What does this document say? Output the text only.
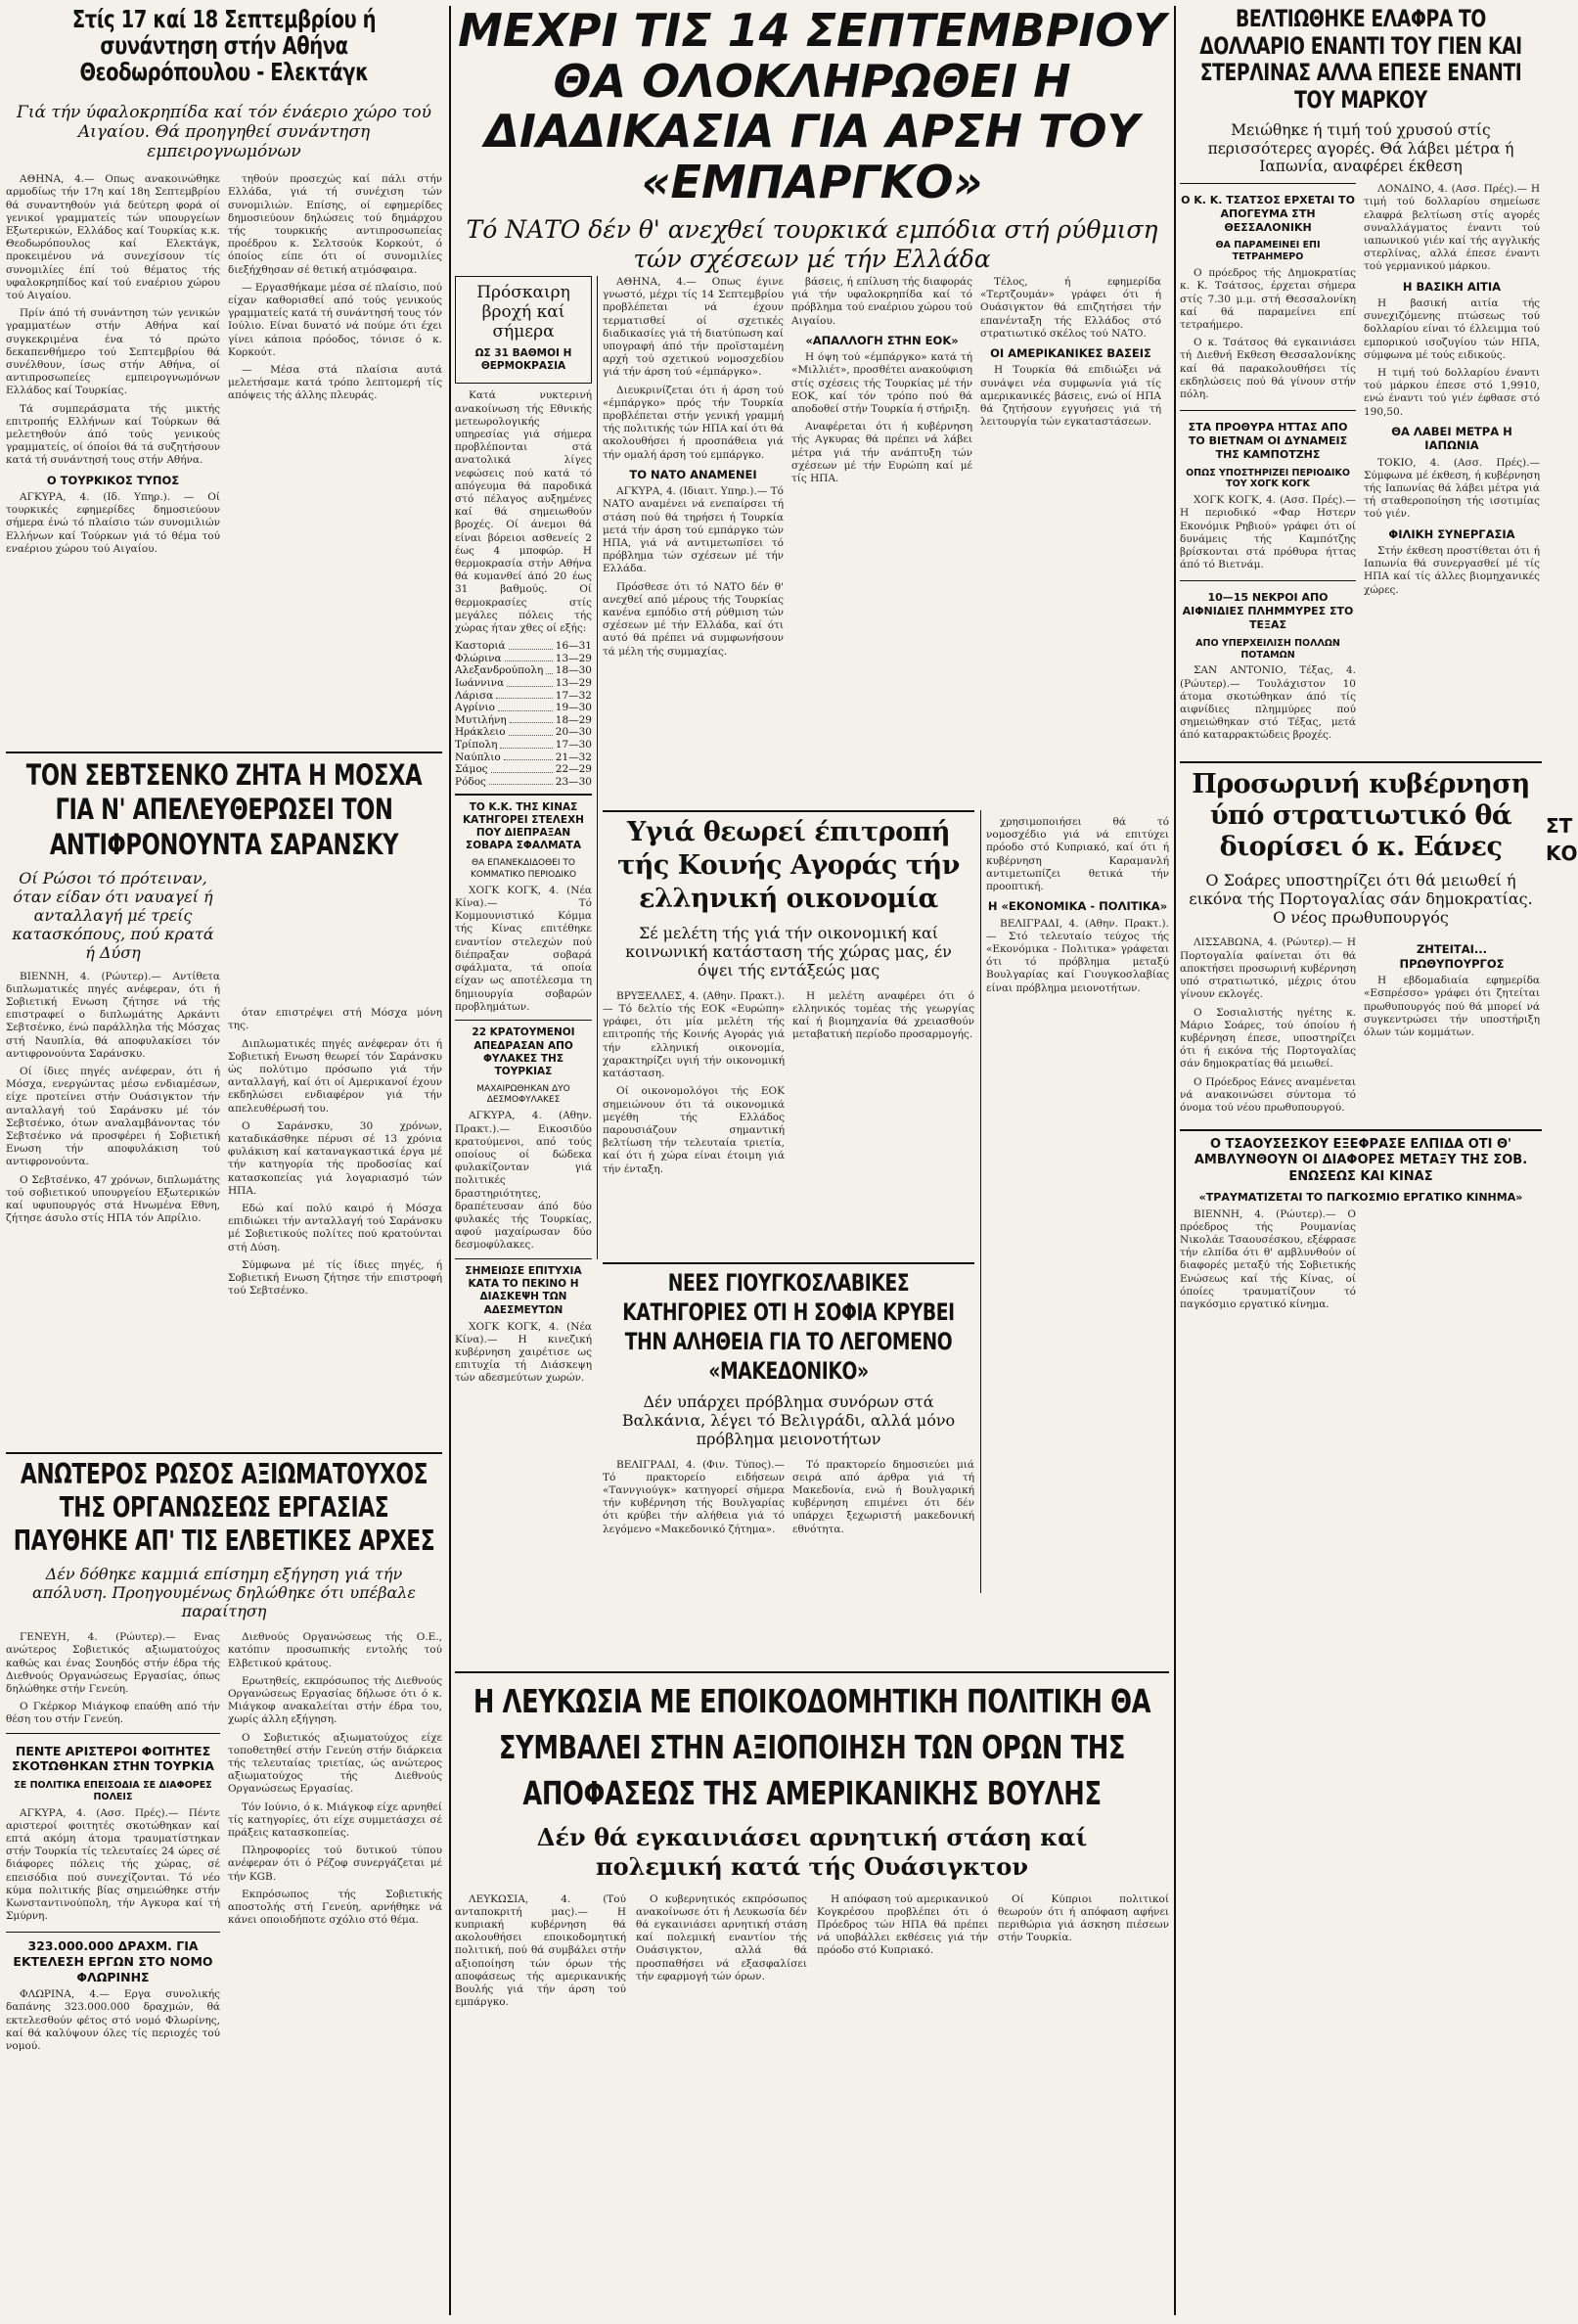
Στίς 17 καί 18 Σεπτεμβρίου ή συνάντηση στήν Αθήνα Θεοδωρόπουλου - Ελεκτάγκ

Γιά τήν ύφαλοκρηπίδα καί τόν ένάεριο χώρο τού Αιγαίου. Θά προηγηθεί συνάντηση εμπειρογνωμόνων

ΑΘΗΝΑ, 4.— Οπως ανακοινώθηκε αρμοδίως τήν 17η καί 18η Σεπτεμβρίου θά συναντηθούν γιά δεύτερη φορά οί γενικοί γραμματείς τών υπουργείων Εξωτερικών, Ελλάδος καί Τουρκίας κ.κ. Θεοδωρόπουλος καί Ελεκτάγκ, προκειμένου νά συνεχίσουν τίς συνομιλίες έπί τού θέματος τής υφαλοκρηπίδος καί τού εναέριου χώρου τού Αιγαίου.

Πρίν άπό τή συνάντηση τών γενικών γραμματέων στήν Αθήνα καί συγκεκριμένα ένα τό πρώτο δεκαπενθήμερο τού Σεπτεμβρίου θά συνέλθουν, ίσως στήν Αθήνα, οί αντιπροσωπείες εμπειρογνωμόνων Ελλάδος καί Τουρκίας.

Τά συμπεράσματα τής μικτής επιτροπής Ελλήνων καί Τούρκων θά μελετηθούν άπό τούς γενικούς γραμματείς, οί όποίοι θά τά συζητήσουν κατά τή συνάντησή τους στήν Αθήνα.

Ο ΤΟΥΡΚΙΚΟΣ ΤΥΠΟΣ

ΑΓΚΥΡΑ, 4. (Ιδ. Υπηρ.). — Οί τουρκικές εφημερίδες δημοσιεύουν σήμερα ένώ τό πλαίσιο τών συνομιλιών Ελλήνων καί Τούρκων γιά τό θέμα τού εναέριου χώρου τού Αιγαίου.

τηθούν προσεχώς καί πάλι στήν Ελλάδα, γιά τή συνέχιση τών συνομιλιών. Επίσης, οί εφημερίδες δημοσιεύουν δηλώσεις τού δημάρχου τής τουρκικής αντιπροσωπείας προέδρου κ. Σελτσούκ Κορκούτ, ό όποίος είπε ότι οί συνομιλίες διεξήχθησαν σέ θετική ατμόσφαιρα.

— Εργασθήκαμε μέσα σέ πλαίσιο, πού είχαν καθορισθεί από τούς γενικούς γραμματείς κατά τή συνάντησή τους τόν Ιούλιο. Είναι δυνατό νά πούμε ότι έχει γίνει κάποια πρόοδος, τόνισε ό κ. Κορκούτ.

— Μέσα στά πλαίσια αυτά μελετήσαμε κατά τρόπο λεπτομερή τίς απόψεις τής άλλης πλευράς.

ΤΟΝ ΣΕΒΤΣΕΝΚΟ ΖΗΤΑ Η ΜΟΣΧΑ ΓΙΑ Ν' ΑΠΕΛΕΥΘΕΡΩΣΕΙ ΤΟΝ ΑΝΤΙΦΡΟΝΟΥΝΤΑ ΣΑΡΑΝΣΚΥ

Οί Ρώσοι τό πρότειναν, όταν είδαν ότι ναυαγεί ή ανταλλαγή μέ τρείς κατασκόπους, πού κρατά ή Δύση

ΒΙΕΝΝΗ, 4. (Ρώυτερ).— Αντίθετα διπλωματικές πηγές ανέφεραν, ότι ή Σοβιετική Ενωση ζήτησε νά τής επιστραφεί ο διπλωμάτης Αρκάντι Σεβτσένκο, ένώ παράλληλα τής Μόσχας στή Ναυπλία, θά αποφυλακίσει τόν αντιφρονούντα Σαράνσκυ.

Οί ίδιες πηγές ανέφεραν, ότι ή Μόσχα, ενεργώντας μέσω ενδιαμέσων, είχε προτείνει στήν Ουάσιγκτον τήν ανταλλαγή τού Σαράνσκυ μέ τόν Σεβτσένκο, ότων αναλαμβάνοντας τόν Σεβτσένκο νά προσφέρει ή Σοβιετική Ενωση τήν αποφυλάκιση τού αντιφρονούντα.

Ο Σεβτσένκο, 47 χρόνων, διπλωμάτης τού σοβιετικού υπουργείου Εξωτερικών καί υφυπουργός στά Ηνωμένα Εθνη, ζήτησε άσυλο στίς ΗΠΑ τόν Απρίλιο.

όταν επιστρέψει στή Μόσχα μόνη της.

Διπλωματικές πηγές ανέφεραν ότι ή Σοβιετική Ενωση θεωρεί τόν Σαράνσκυ ώς πολύτιμο πρόσωπο γιά τήν ανταλλαγή, καί ότι οί Αμερικανοί έχουν εκδηλώσει ενδιαφέρον γιά τήν απελευθέρωσή του.

Ο Σαράνσκυ, 30 χρόνων, καταδικάσθηκε πέρυσι σέ 13 χρόνια φυλάκιση καί καταναγκαστικά έργα μέ τήν κατηγορία τής προδοσίας καί κατασκοπείας γιά λογαριασμό τών ΗΠΑ.

Εδώ καί πολύ καιρό ή Μόσχα επιδιώκει τήν ανταλλαγή τού Σαράνσκυ μέ Σοβιετικούς πολίτες πού κρατούνται στή Δύση.

Σύμφωνα μέ τίς ίδιες πηγές, ή Σοβιετική Ενωση ζήτησε τήν επιστροφή τού Σεβτσένκο.

ΑΝΩΤΕΡΟΣ ΡΩΣΟΣ ΑΞΙΩΜΑΤΟΥΧΟΣ ΤΗΣ ΟΡΓΑΝΩΣΕΩΣ ΕΡΓΑΣΙΑΣ ΠΑΥΘΗΚΕ ΑΠ' ΤΙΣ ΕΛΒΕΤΙΚΕΣ ΑΡΧΕΣ

Δέν δόθηκε καμμιά επίσημη εξήγηση γιά τήν απόλυση. Προηγουμένως δηλώθηκε ότι υπέβαλε παραίτηση

ΓΕΝΕΥΗ, 4. (Ρώυτερ).— Ενας ανώτερος Σοβιετικός αξιωματούχος καθώς και ένας Σουηδός στήν έδρα τής Διεθνούς Οργανώσεως Εργασίας, όπως δηλώθηκε στήν Γενεύη.

Ο Γκέρκορ Μιάγκοφ επαύθη από τήν θέση του στήν Γενεύη.

ΠΕΝΤΕ ΑΡΙΣΤΕΡΟΙ ΦΟΙΤΗΤΕΣ ΣΚΟΤΩΘΗΚΑΝ ΣΤΗΝ ΤΟΥΡΚΙΑ
ΣΕ ΠΟΛΙΤΙΚΑ ΕΠΕΙΣΟΔΙΑ ΣΕ ΔΙΑΦΟΡΕΣ ΠΟΛΕΙΣ

ΑΓΚΥΡΑ, 4. (Ασσ. Πρές).— Πέντε αριστεροί φοιτητές σκοτώθηκαν καί επτά ακόμη άτομα τραυματίστηκαν στήν Τουρκία τίς τελευταίες 24 ώρες σέ διάφορες πόλεις τής χώρας, σέ επεισόδια πού συνεχίζονται. Τό νέο κύμα πολιτικής βίας σημειώθηκε στήν Κωνσταντινούπολη, τήν Αγκυρα καί τή Σμύρνη.

323.000.000 ΔΡΑΧΜ. ΓΙΑ ΕΚΤΕΛΕΣΗ ΕΡΓΩΝ ΣΤΟ ΝΟΜΟ ΦΛΩΡΙΝΗΣ

ΦΛΩΡΙΝΑ, 4.— Εργα συνολικής δαπάνης 323.000.000 δραχμών, θά εκτελεσθούν φέτος στό νομό Φλωρίνης, καί θά καλύψουν όλες τίς περιοχές τού νομού.

Διεθνούς Οργανώσεως τής Ο.Ε., κατόπιν προσωπικής εντολής τού Ελβετικού κράτους.

Ερωτηθείς, εκπρόσωπος τής Διεθνούς Οργανώσεως Εργασίας δήλωσε ότι ό κ. Μιάγκοφ ανακαλείται στήν έδρα του, χωρίς άλλη εξήγηση.

Ο Σοβιετικός αξιωματούχος είχε τοποθετηθεί στήν Γενεύη στήν διάρκεια τής τελευταίας τριετίας, ώς ανώτερος αξιωματούχος τής Διεθνούς Οργανώσεως Εργασίας.

Τόν Ιούνιο, ό κ. Μιάγκοφ είχε αρνηθεί τίς κατηγορίες, ότι είχε συμμετάσχει σέ πράξεις κατασκοπείας.

Πληροφορίες τού δυτικού τύπου ανέφεραν ότι ό Ρέζοφ συνεργάζεται μέ τήν KGB.

Εκπρόσωπος τής Σοβιετικής αποστολής στή Γενεύη, αρνήθηκε νά κάνει οποιοδήποτε σχόλιο στό θέμα.

ΜΕΧΡΙ ΤΙΣ 14 ΣΕΠΤΕΜΒΡΙΟΥ ΘΑ ΟΛΟΚΛΗΡΩΘΕΙ Η ΔΙΑΔΙΚΑΣΙΑ ΓΙΑ ΑΡΣΗ ΤΟΥ «ΕΜΠΑΡΓΚΟ»

Τό ΝΑΤΟ δέν θ' ανεχθεί τουρκικά εμπόδια στή ρύθμιση τών σχέσεων μέ τήν Ελλάδα

Πρόσκαιρη βροχή καί σήμερα
ΩΣ 31 ΒΑΘΜΟΙ Η ΘΕΡΜΟΚΡΑΣΙΑ

Κατά νυκτερινή ανακοίνωση τής Εθνικής μετεωρολογικής υπηρεσίας γιά σήμερα προβλέπονται στά ανατολικά λίγες νεφώσεις πού κατά τό απόγευμα θά παροδικά στό πέλαγος αυξημένες καί θά σημειωθούν βροχές. Οί άνεμοι θά είναι βόρειοι ασθενείς 2 έως 4 μποφώρ. Η θερμοκρασία στήν Αθήνα θά κυμανθεί άπό 20 έως 31 βαθμούς. Οί θερμοκρασίες στίς μεγάλες πόλεις τής χώρας ήταν χθες οί εξής:

Καστοριά	16—31
Φλώρινα	13—29
Αλεξανδρούπολη 18—30
Ιωάννινα	13—29
Λάρισα	17—32
Αγρίνιο	19—30
Μυτιλήνη	18—29
Ηράκλειο	20—30
Τρίπολη	17—30
Ναύπλιο	21—32
Σάμος	22—29
Ρόδος	23—30
ΤΟ Κ.Κ. ΤΗΣ ΚΙΝΑΣ ΚΑΤΗΓΟΡΕΙ ΣΤΕΛΕΧΗ ΠΟΥ ΔΙΕΠΡΑΞΑΝ ΣΟΒΑΡΑ ΣΦΑΛΜΑΤΑ
ΘΑ ΕΠΑΝΕΚΔΙΔΟΘΕΙ ΤΟ ΚΟΜΜΑΤΙΚΟ ΠΕΡΙΟΔΙΚΟ

ΧΟΓΚ ΚΟΓΚ, 4. (Νέα Κίνα).— Τό Κομμουνιστικό Κόμμα τής Κίνας επιτέθηκε εναντίον στελεχών πού διέπραξαν σοβαρά σφάλματα, τά οποία είχαν ως αποτέλεσμα τη δημιουργία σοβαρών προβλημάτων.

22 ΚΡΑΤΟΥΜΕΝΟΙ ΑΠΕΔΡΑΣΑΝ ΑΠΟ ΦΥΛΑΚΕΣ ΤΗΣ ΤΟΥΡΚΙΑΣ
ΜΑΧΑΙΡΩΘΗΚΑΝ ΔΥΟ ΔΕΣΜΟΦΥΛΑΚΕΣ

ΑΓΚΥΡΑ, 4. (Αθην. Πρακτ.).— Εικοσιδύο κρατούμενοι, από τούς οποίους οί δώδεκα φυλακίζονταν γιά πολιτικές δραστηριότητες, δραπέτευσαν άπό δύο φυλακές τής Τουρκίας, αφού μαχαίρωσαν δύο δεσμοφύλακες.

ΣΗΜΕΙΩΣΕ ΕΠΙΤΥΧΙΑ ΚΑΤΑ ΤΟ ΠΕΚΙΝΟ Η ΔΙΑΣΚΕΨΗ ΤΩΝ ΑΔΕΣΜΕΥΤΩΝ

ΧΟΓΚ ΚΟΓΚ, 4. (Νέα Κίνα).— Η κινεζική κυβέρνηση χαιρέτισε ως επιτυχία τή Διάσκεψη τών αδεσμεύτων χωρών.

ΑΘΗΝΑ, 4.— Οπως έγινε γνωστό, μέχρι τίς 14 Σεπτεμβρίου προβλέπεται νά έχουν τερματισθεί οί σχετικές διαδικασίες γιά τή διατύπωση καί υπογραφή άπό τήν προϊσταμένη αρχή τού σχετικού νομοσχεδίου γιά τήν άρση τού «έμπάργκο».

Διευκρινίζεται ότι ή άρση τού «έμπάργκο» πρός τήν Τουρκία προβλέπεται στήν γενική γραμμή τής πολιτικής τών ΗΠΑ καί ότι θά ακολουθήσει ή προσπάθεια γιά τήν ομαλή άρση τού εμπάργκο.

ΤΟ ΝΑΤΟ ΑΝΑΜΕΝΕΙ

ΑΓΚΥΡΑ, 4. (Ιδιαιτ. Υπηρ.).— Τό ΝΑΤΟ αναμένει νά ενεπαίρσει τή στάση πού θά τηρήσει ή Τουρκία μετά τήν άρση τού εμπάργκο τών ΗΠΑ, γιά νά αντιμετωπίσει τό πρόβλημα τών σχέσεων μέ τήν Ελλάδα.

Πρόσθεσε ότι τό ΝΑΤΟ δέν θ' ανεχθεί από μέρους τής Τουρκίας κανένα εμπόδιο στή ρύθμιση τών σχέσεων μέ τήν Ελλάδα, καί ότι αυτό θά πρέπει νά συμφωνήσουν τά μέλη τής συμμαχίας.

βάσεις, ή επίλυση τής διαφοράς γιά τήν υφαλοκρηπίδα καί τό πρόβλημα τού εναέριου χώρου τού Αιγαίου.

«ΑΠΑΛΛΟΓΗ ΣΤΗΝ ΕΟΚ»

Η όψη τού «έμπάργκο» κατά τή «Μιλλιέτ», προσθέτει ανακούφιση στίς σχέσεις τής Τουρκίας μέ τήν ΕΟΚ, καί τόν τρόπο πού θά αποδοθεί στήν Τουρκία ή στήριξη.

Αναφέρεται ότι ή κυβέρνηση τής Αγκυρας θά πρέπει νά λάβει μέτρα γιά τήν ανάπτυξη τών σχέσεων μέ τήν Ευρώπη καί μέ τίς ΗΠΑ.

Τέλος, ή εφημερίδα «Τερτζουμάν» γράφει ότι ή Ουάσιγκτον θά επιζητήσει τήν επανένταξη τής Ελλάδος στό στρατιωτικό σκέλος τού ΝΑΤΟ.

ΟΙ ΑΜΕΡΙΚΑΝΙΚΕΣ ΒΑΣΕΙΣ

Η Τουρκία θά επιδιώξει νά συνάψει νέα συμφωνία γιά τίς αμερικανικές βάσεις, ενώ οί ΗΠΑ θά ζητήσουν εγγυήσεις γιά τή λειτουργία τών εγκαταστάσεων.

Υγιά θεωρεί έπιτροπή τής Κοινής Αγοράς τήν ελληνική οικονομία

Σέ μελέτη τής γιά τήν οικονομική καί κοινωνική κατάσταση τής χώρας μας, έν όψει τής εντάξεώς μας

ΒΡΥΞΕΛΛΕΣ, 4. (Αθην. Πρακτ.).— Τό δελτίο τής ΕΟΚ «Ευρώπη» γράφει, ότι μία μελέτη τής επιτροπής τής Κοινής Αγοράς γιά τήν ελληνική οικονομία, χαρακτηρίζει υγιή τήν οικονομική κατάσταση.

Οί οικονομολόγοι τής ΕΟΚ σημειώνουν ότι τά οικονομικά μεγέθη τής Ελλάδος παρουσιάζουν σημαντική βελτίωση τήν τελευταία τριετία, καί ότι ή χώρα είναι έτοιμη γιά τήν ένταξη.

Η μελέτη αναφέρει ότι ό ελληνικός τομέας τής γεωργίας καί ή βιομηχανία θά χρειασθούν μεταβατική περίοδο προσαρμογής.

ΝΕΕΣ ΓΙΟΥΓΚΟΣΛΑΒΙΚΕΣ ΚΑΤΗΓΟΡΙΕΣ ΟΤΙ Η ΣΟΦΙΑ ΚΡΥΒΕΙ ΤΗΝ ΑΛΗΘΕΙΑ ΓΙΑ ΤΟ ΛΕΓΟΜΕΝΟ «ΜΑΚΕΔΟΝΙΚΟ»

Δέν υπάρχει πρόβλημα συνόρων στά Βαλκάνια, λέγει τό Βελιγράδι, αλλά μόνο πρόβλημα μειονοτήτων

ΒΕΛΙΓΡΑΔΙ, 4. (Φιν. Τύπος).— Τό πρακτορείο ειδήσεων «Ταννγιούγκ» κατηγορεί σήμερα τήν κυβέρνηση τής Βουλγαρίας ότι κρύβει τήν αλήθεια γιά τό λεγόμενο «Μακεδονικό ζήτημα».

Τό πρακτορείο δημοσιεύει μιά σειρά από άρθρα γιά τή Μακεδονία, ενώ ή Βουλγαρική κυβέρνηση επιμένει ότι δέν υπάρχει ξεχωριστή μακεδονική εθνότητα.

χρησιμοποιήσει θά τό νομοσχέδιο γιά νά επιτύχει πρόοδο στό Κυπριακό, καί ότι ή κυβέρνηση Καραμανλή αντιμετωπίζει θετικά τήν προοπτική.

Η «ΕΚΟΝΟΜΙΚΑ - ΠΟΛΙΤΙΚΑ»

ΒΕΛΙΓΡΑΔΙ, 4. (Αθην. Πρακτ.).— Στό τελευταίο τεύχος τής «Εκονόμικα - Πολιτικα» γράφεται ότι τό πρόβλημα μεταξύ Βουλγαρίας καί Γιουγκοσλαβίας είναι πρόβλημα μειονοτήτων.

Η ΛΕΥΚΩΣΙΑ ΜΕ ΕΠΟΙΚΟΔΟΜΗΤΙΚΗ ΠΟΛΙΤΙΚΗ ΘΑ ΣΥΜΒΑΛΕΙ ΣΤΗΝ ΑΞΙΟΠΟΙΗΣΗ ΤΩΝ ΟΡΩΝ ΤΗΣ ΑΠΟΦΑΣΕΩΣ ΤΗΣ ΑΜΕΡΙΚΑΝΙΚΗΣ ΒΟΥΛΗΣ

Δέν θά εγκαινιάσει αρνητική στάση καί πολεμική κατά τής Ουάσιγκτον

ΛΕΥΚΩΣΙΑ, 4. (Τού ανταποκριτή μας).— Η κυπριακή κυβέρνηση θά ακολουθήσει εποικοδομητική πολιτική, πού θά συμβάλει στήν αξιοποίηση τών όρων τής αποφάσεως τής αμερικανικής Βουλής γιά τήν άρση τού εμπάργκο.

Ο κυβερνητικός εκπρόσωπος ανακοίνωσε ότι ή Λευκωσία δέν θά εγκαινιάσει αρνητική στάση καί πολεμική εναντίον τής Ουάσιγκτον, αλλά θά προσπαθήσει νά εξασφαλίσει τήν εφαρμογή τών όρων.

Η απόφαση τού αμερικανικού Κογκρέσου προβλέπει ότι ό Πρόεδρος τών ΗΠΑ θά πρέπει νά υποβάλλει εκθέσεις γιά τήν πρόοδο στό Κυπριακό.

Οί Κύπριοι πολιτικοί θεωρούν ότι ή απόφαση αφήνει περιθώρια γιά άσκηση πιέσεων στήν Τουρκία.

ΒΕΛΤΙΩΘΗΚΕ ΕΛΑΦΡΑ ΤΟ ΔΟΛΛΑΡΙΟ ΕΝΑΝΤΙ ΤΟΥ ΓΙΕΝ ΚΑΙ ΣΤΕΡΛΙΝΑΣ ΑΛΛΑ ΕΠΕΣΕ ΕΝΑΝΤΙ ΤΟΥ ΜΑΡΚΟΥ

Μειώθηκε ή τιμή τού χρυσού στίς περισσότερες αγορές. Θά λάβει μέτρα ή Ιαπωνία, αναφέρει έκθεση

Ο Κ. Κ. ΤΣΑΤΣΟΣ ΕΡΧΕΤΑΙ ΤΟ ΑΠΟΓΕΥΜΑ ΣΤΗ ΘΕΣΣΑΛΟΝΙΚΗ
ΘΑ ΠΑΡΑΜΕΙΝΕΙ ΕΠΙ ΤΕΤΡΑΗΜΕΡΟ

Ο πρόεδρος τής Δημοκρατίας κ. Κ. Τσάτσος, έρχεται σήμερα στίς 7.30 μ.μ. στή Θεσσαλονίκη καί θά παραμείνει επί τετραήμερο.

Ο κ. Τσάτσος θά εγκαινιάσει τή Διεθνή Εκθεση Θεσσαλονίκης καί θά παρακολουθήσει τίς εκδηλώσεις πού θά γίνουν στήν πόλη.

ΣΤΑ ΠΡΟΘΥΡΑ ΗΤΤΑΣ ΑΠΟ ΤΟ ΒΙΕΤΝΑΜ ΟΙ ΔΥΝΑΜΕΙΣ ΤΗΣ ΚΑΜΠΟΤΖΗΣ
ΟΠΩΣ ΥΠΟΣΤΗΡΙΖΕΙ ΠΕΡΙΟΔΙΚΟ ΤΟΥ ΧΟΓΚ ΚΟΓΚ

ΧΟΓΚ ΚΟΓΚ, 4. (Ασσ. Πρές).— Η περιοδικό «Φαρ Ηστερν Εκονόμικ Ρηβιού» γράφει ότι οί δυνάμεις τής Καμπότζης βρίσκονται στά πρόθυρα ήττας άπό τό Βιετνάμ.

10—15 ΝΕΚΡΟΙ ΑΠΟ ΑΙΦΝΙΔΙΕΣ ΠΛΗΜΜΥΡΕΣ ΣΤΟ ΤΕΞΑΣ
ΑΠΟ ΥΠΕΡΧΕΙΛΙΣΗ ΠΟΛΛΩΝ ΠΟΤΑΜΩΝ

ΣΑΝ ΑΝΤΟΝΙΟ, Τέξας, 4. (Ρώυτερ).— Τουλάχιστον 10 άτομα σκοτώθηκαν άπό τίς αιφνίδιες πλημμύρες πού σημειώθηκαν στό Τέξας, μετά άπό καταρρακτώδεις βροχές.

ΛΟΝΔΙΝΟ, 4. (Ασσ. Πρές).— Η τιμή τού δολλαρίου σημείωσε ελαφρά βελτίωση στίς αγορές συναλλάγματος έναντι τού ιαπωνικού γιέν καί τής αγγλικής στερλίνας, αλλά έπεσε έναντι τού γερμανικού μάρκου.

Η ΒΑΣΙΚΗ ΑΙΤΙΑ

Η βασική αιτία τής συνεχιζόμενης πτώσεως τού δολλαρίου είναι τό έλλειμμα τού εμπορικού ισοζυγίου τών ΗΠΑ, σύμφωνα μέ τούς ειδικούς.

Η τιμή τού δολλαρίου έναντι τού μάρκου έπεσε στό 1,9910, ενώ έναντι τού γιέν έφθασε στό 190,50.

ΘΑ ΛΑΒΕΙ ΜΕΤΡΑ Η ΙΑΠΩΝΙΑ

ΤΟΚΙΟ, 4. (Ασσ. Πρές).— Σύμφωνα μέ έκθεση, ή κυβέρνηση τής Ιαπωνίας θά λάβει μέτρα γιά τή σταθεροποίηση τής ισοτιμίας τού γιέν.

ΦΙΛΙΚΗ ΣΥΝΕΡΓΑΣΙΑ

Στήν έκθεση προστίθεται ότι ή Ιαπωνία θά συνεργασθεί μέ τίς ΗΠΑ καί τίς άλλες βιομηχανικές χώρες.

Προσωρινή κυβέρνηση ύπό στρατιωτικό θά διορίσει ό κ. Εάνες

Ο Σοάρες υποστηρίζει ότι θά μειωθεί ή εικόνα τής Πορτογαλίας σάν δημοκρατίας. Ο νέος πρωθυπουργός

ΛΙΣΣΑΒΩΝΑ, 4. (Ρώυτερ).— Η Πορτογαλία φαίνεται ότι θά αποκτήσει προσωρινή κυβέρνηση υπό στρατιωτικό, μέχρις ότου γίνουν εκλογές.

Ο Σοσιαλιστής ηγέτης κ. Μάριο Σοάρες, τού όποίου ή κυβέρνηση έπεσε, υποστηρίζει ότι ή εικόνα τής Πορτογαλίας σάν δημοκρατίας θά μειωθεί.

Ο Πρόεδρος Εάνες αναμένεται νά ανακοινώσει σύντομα τό όνομα τού νέου πρωθυπουργού.

ΖΗΤΕΙΤΑΙ... ΠΡΩΘΥΠΟΥΡΓΟΣ

Η εβδομαδιαία εφημερίδα «Εσπρέσσο» γράφει ότι ζητείται πρωθυπουργός πού θά μπορεί νά συγκεντρώσει τήν υποστήριξη όλων τών κομμάτων.

Ο ΤΣΑΟΥΣΕΣΚΟΥ ΕΞΕΦΡΑΣΕ ΕΛΠΙΔΑ ΟΤΙ Θ' ΑΜΒΛΥΝΘΟΥΝ ΟΙ ΔΙΑΦΟΡΕΣ ΜΕΤΑΞΥ ΤΗΣ ΣΟΒ. ΕΝΩΣΕΩΣ ΚΑΙ ΚΙΝΑΣ
«ΤΡΑΥΜΑΤΙΖΕΤΑΙ ΤΟ ΠΑΓΚΟΣΜΙΟ ΕΡΓΑΤΙΚΟ ΚΙΝΗΜΑ»

ΒΙΕΝΝΗ, 4. (Ρώυτερ).— Ο πρόεδρος τής Ρουμανίας Νικολάε Τσαουσέσκου, εξέφρασε τήν ελπίδα ότι θ' αμβλυνθούν οί διαφορές μεταξύ τής Σοβιετικής Ενώσεως καί τής Κίνας, οί όποίες τραυματίζουν τό παγκόσμιο εργατικό κίνημα.

ΣΤ
ΚΟ
